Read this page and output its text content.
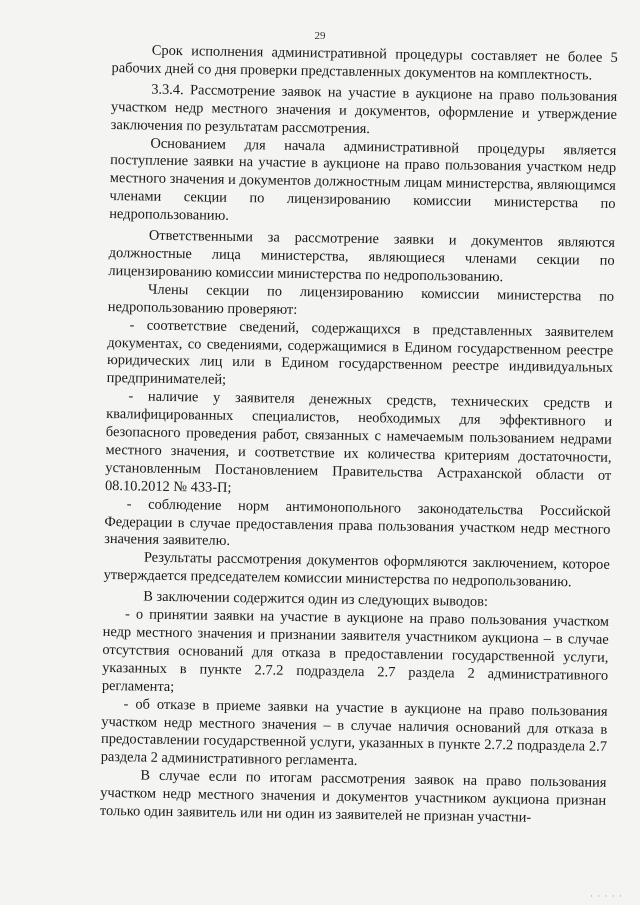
29

Срок исполнения административной процедуры составляет не более 5 рабочих дней со дня проверки представленных документов на комплектность.

3.3.4. Рассмотрение заявок на участие в аукционе на право пользования участком недр местного значения и документов, оформление и утверждение заключения по результатам рассмотрения.

Основанием для начала административной процедуры является поступление заявки на участие в аукционе на право пользования участком недр местного значения и документов должностным лицам министерства, являющимся членами секции по лицензированию комиссии министерства по недропользованию.

Ответственными за рассмотрение заявки и документов являются должностные лица министерства, являющиеся членами секции по лицензированию комиссии министерства по недропользованию.

Члены секции по лицензированию комиссии министерства по недропользованию проверяют:

- соответствие сведений, содержащихся в представленных заявителем документах, со сведениями, содержащимися в Едином государственном реестре юридических лиц или в Едином государственном реестре индивидуальных предпринимателей;

- наличие у заявителя денежных средств, технических средств и квалифицированных специалистов, необходимых для эффективного и безопасного проведения работ, связанных с намечаемым пользованием недрами местного значения, и соответствие их количества критериям достаточности, установленным Постановлением Правительства Астраханской области от 08.10.2012 № 433-П;

- соблюдение норм антимонопольного законодательства Российской Федерации в случае предоставления права пользования участком недр местного значения заявителю.

Результаты рассмотрения документов оформляются заключением, которое утверждается председателем комиссии министерства по недропользованию.

В заключении содержится один из следующих выводов:

- о принятии заявки на участие в аукционе на право пользования участком недр местного значения и признании заявителя участником аукциона – в случае отсутствия оснований для отказа в предоставлении государственной услуги, указанных в пункте 2.7.2 подраздела 2.7 раздела 2 административного регламента;

- об отказе в приеме заявки на участие в аукционе на право пользования участком недр местного значения – в случае наличия оснований для отказа в предоставлении государственной услуги, указанных в пункте 2.7.2 подраздела 2.7 раздела 2 административного регламента.

В случае если по итогам рассмотрения заявок на право пользования участком недр местного значения и документов участником аукциона признан только один заявитель или ни один из заявителей не признан участни-

· · · · ·
